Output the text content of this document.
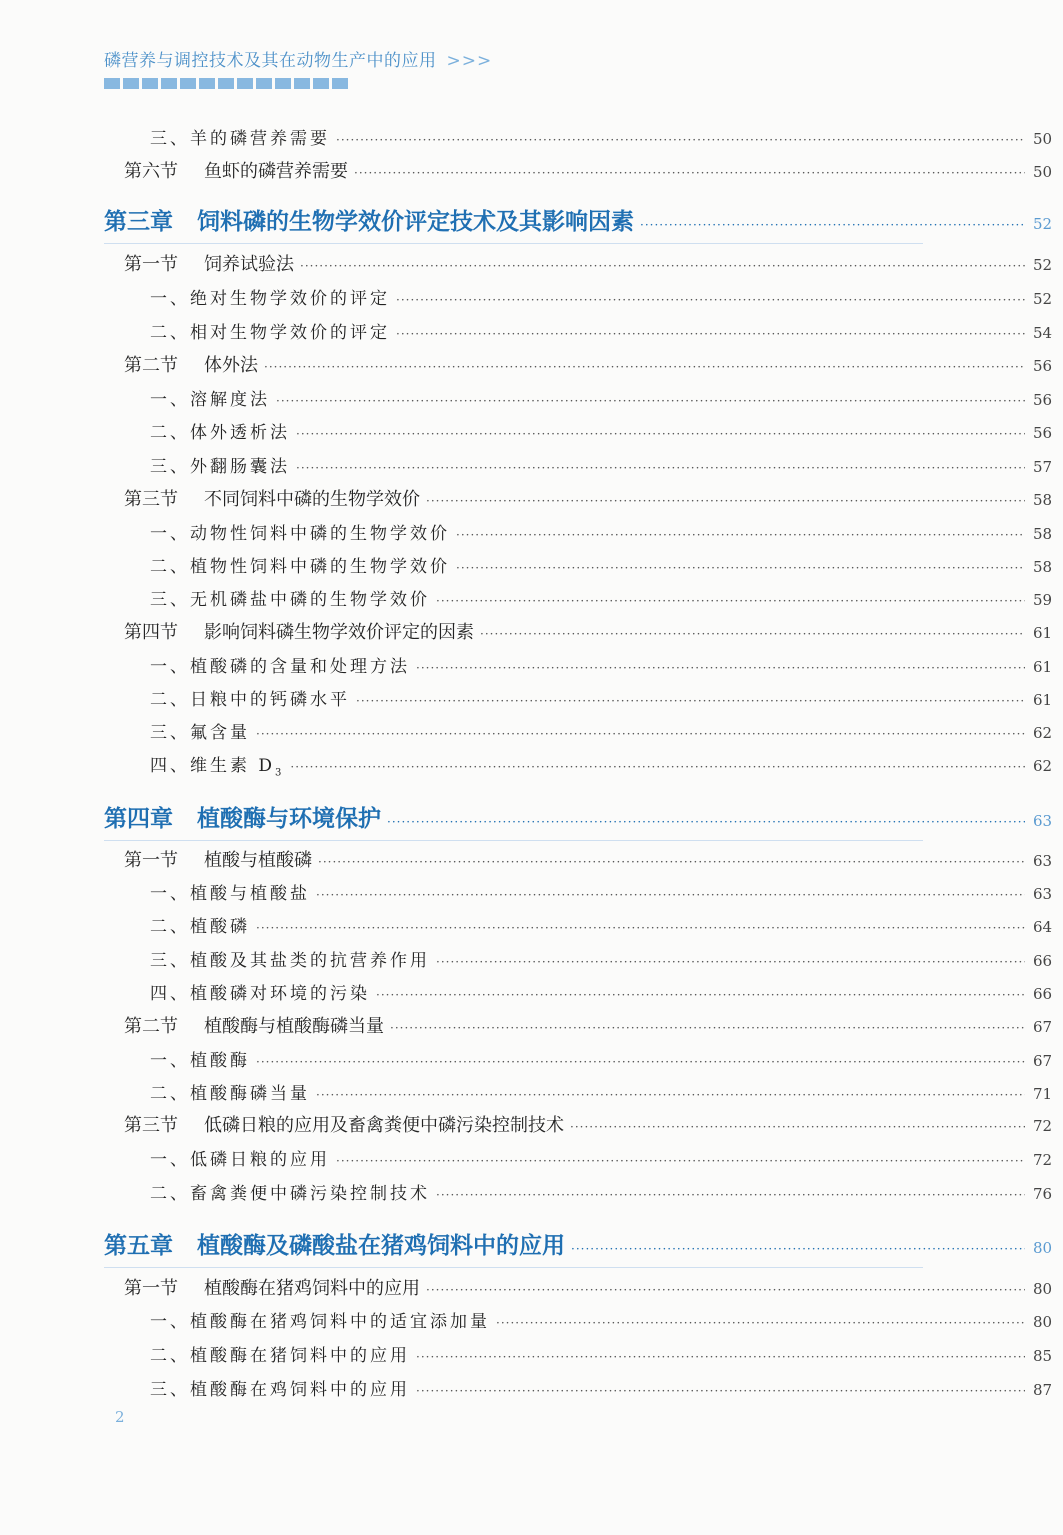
磷营养与调控技术及其在动物生产中的应用 >>>
三、羊的磷营养需要 ·····	50
第六节 鱼虾的磷营养需要 ·····	50
第三章 饲料磷的生物学效价评定技术及其影响因素 ·····	52
第一节 饲养试验法 ·····	52
一、绝对生物学效价的评定 ·····	52
二、相对生物学效价的评定 ·····	54
第二节 体外法 ·····	56
一、溶解度法 ·····	56
二、体外透析法 ·····	56
三、外翻肠囊法 ·····	57
第三节 不同饲料中磷的生物学效价 ·····	58
一、动物性饲料中磷的生物学效价 ·····	58
二、植物性饲料中磷的生物学效价 ·····	58
三、无机磷盐中磷的生物学效价 ·····	59
第四节 影响饲料磷生物学效价评定的因素 ·····	61
一、植酸磷的含量和处理方法 ·····	61
二、日粮中的钙磷水平 ·····	61
三、氟含量 ·····	62
四、维生素 $D_3$ ·····	62
第四章 植酸酶与环境保护 ·····	63
第一节 植酸与植酸磷 ·····	63
一、植酸与植酸盐 ·····	63
二、植酸磷 ·····	64
三、植酸及其盐类的抗营养作用 ·····	66
四、植酸磷对环境的污染 ·····	66
第二节 植酸酶与植酸酶磷当量 ·····	67
一、植酸酶 ·····	67
二、植酸酶磷当量 ·····	71
第三节 低磷日粮的应用及畜禽粪便中磷污染控制技术 ·····	72
一、低磷日粮的应用 ·····	72
二、畜禽粪便中磷污染控制技术 ·····	76
第五章 植酸酶及磷酸盐在猪鸡饲料中的应用 ·····	80
第一节 植酸酶在猪鸡饲料中的应用 ·····	80
一、植酸酶在猪鸡饲料中的适宜添加量 ·····	80
二、植酸酶在猪饲料中的应用 ·····	85
三、植酸酶在鸡饲料中的应用 ·····	87
2
